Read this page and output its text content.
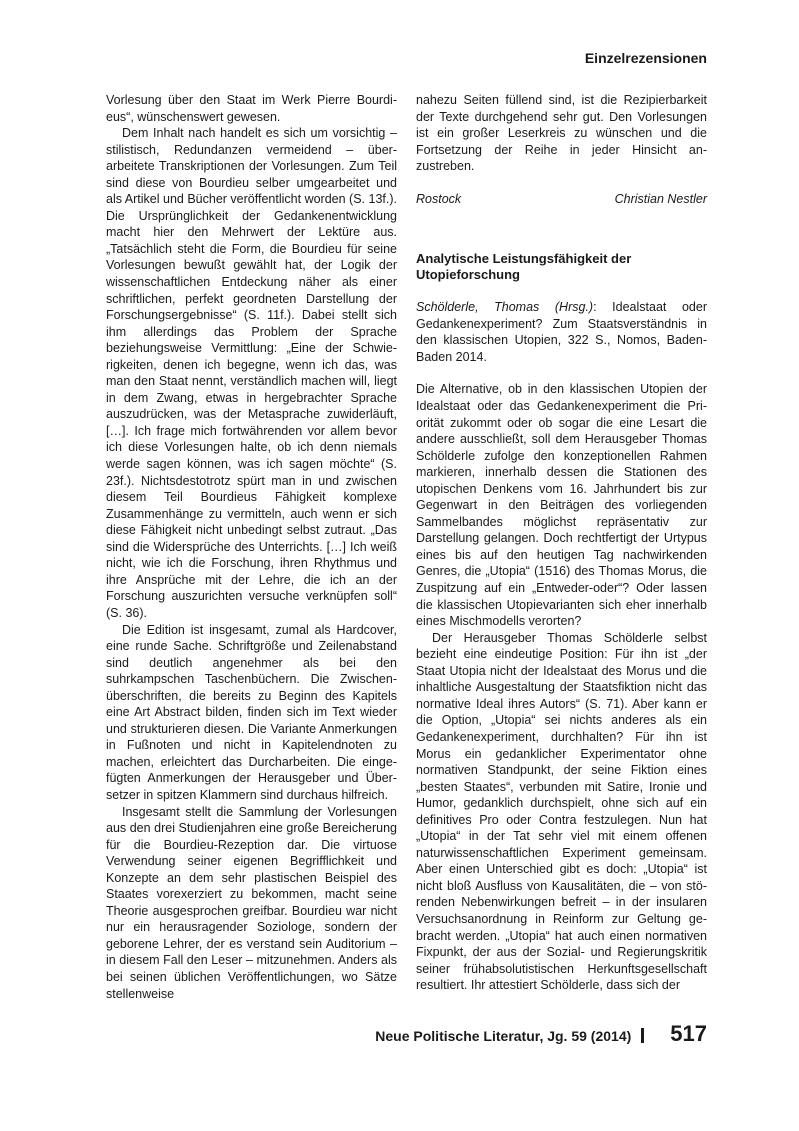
Einzelrezensionen

Vorlesung über den Staat im Werk Pierre Bourdieus“, wünschenswert gewesen.

Dem Inhalt nach handelt es sich um vorsichtig – stilistisch, Redundanzen vermeidend – überarbeitete Transkriptionen der Vorlesungen. Zum Teil sind diese von Bourdieu selber umgearbeitet und als Artikel und Bücher veröffentlicht worden (S. 13f.). Die Ursprünglichkeit der Gedankenentwicklung macht hier den Mehrwert der Lektüre aus. „Tatsächlich steht die Form, die Bourdieu für seine Vorlesungen bewußt gewählt hat, der Logik der wissenschaftlichen Entdeckung näher als einer schriftlichen, perfekt geordneten Darstellung der Forschungsergebnisse“ (S. 11f.). Dabei stellt sich ihm allerdings das Problem der Sprache beziehungsweise Vermittlung: „Eine der Schwierigkeiten, denen ich begegne, wenn ich das, was man den Staat nennt, verständlich machen will, liegt in dem Zwang, etwas in hergebrachter Sprache auszudrücken, was der Metasprache zuwiderläuft, […]. Ich frage mich fortwährenden vor allem bevor ich diese Vorlesungen halte, ob ich denn niemals werde sagen können, was ich sagen möchte“ (S. 23f.). Nichtsdestotrotz spürt man in und zwischen diesem Teil Bourdieus Fähigkeit komplexe Zusammenhänge zu vermitteln, auch wenn er sich diese Fähigkeit nicht unbedingt selbst zutraut. „Das sind die Widersprüche des Unterrichts. […] Ich weiß nicht, wie ich die Forschung, ihren Rhythmus und ihre Ansprüche mit der Lehre, die ich an der Forschung auszurichten versuche verknüpfen soll“ (S. 36).

Die Edition ist insgesamt, zumal als Hardcover, eine runde Sache. Schriftgröße und Zeilenabstand sind deutlich angenehmer als bei den suhrkampschen Taschenbüchern. Die Zwischenüberschriften, die bereits zu Beginn des Kapitels eine Art Abstract bilden, finden sich im Text wieder und strukturieren diesen. Die Variante Anmerkungen in Fußnoten und nicht in Kapitelendnoten zu machen, erleichtert das Durcharbeiten. Die eingefügten Anmerkungen der Herausgeber und Übersetzer in spitzen Klammern sind durchaus hilfreich.

Insgesamt stellt die Sammlung der Vorlesungen aus den drei Studienjahren eine große Bereicherung für die Bourdieu-Rezeption dar. Die virtuose Verwendung seiner eigenen Begrifflichkeit und Konzepte an dem sehr plastischen Beispiel des Staates vorexerziert zu bekommen, macht seine Theorie ausgesprochen greifbar. Bourdieu war nicht nur ein herausragender Soziologe, sondern der geborene Lehrer, der es verstand sein Auditorium – in diesem Fall den Leser – mitzunehmen. Anders als bei seinen üblichen Veröffentlichungen, wo Sätze stellenweise

nahezu Seiten füllend sind, ist die Rezipierbarkeit der Texte durchgehend sehr gut. Den Vorlesungen ist ein großer Leserkreis zu wünschen und die Fortsetzung der Reihe in jeder Hinsicht anzustreben.

Rostock	Christian Nestler
Analytische Leistungsfähigkeit der Utopieforschung

Schölderle, Thomas (Hrsg.): Idealstaat oder Gedankenexperiment? Zum Staatsverständnis in den klassischen Utopien, 322 S., Nomos, Baden-Baden 2014.

Die Alternative, ob in den klassischen Utopien der Idealstaat oder das Gedankenexperiment die Priorität zukommt oder ob sogar die eine Lesart die andere ausschließt, soll dem Herausgeber Thomas Schölderle zufolge den konzeptionellen Rahmen markieren, innerhalb dessen die Stationen des utopischen Denkens vom 16. Jahrhundert bis zur Gegenwart in den Beiträgen des vorliegenden Sammelbandes möglichst repräsentativ zur Darstellung gelangen. Doch rechtfertigt der Urtypus eines bis auf den heutigen Tag nachwirkenden Genres, die „Utopia“ (1516) des Thomas Morus, die Zuspitzung auf ein „Entweder-oder“? Oder lassen die klassischen Utopievarianten sich eher innerhalb eines Mischmodells verorten?

Der Herausgeber Thomas Schölderle selbst bezieht eine eindeutige Position: Für ihn ist „der Staat Utopia nicht der Idealstaat des Morus und die inhaltliche Ausgestaltung der Staatsfiktion nicht das normative Ideal ihres Autors“ (S. 71). Aber kann er die Option, „Utopia“ sei nichts anderes als ein Gedankenexperiment, durchhalten? Für ihn ist Morus ein gedanklicher Experimentator ohne normativen Standpunkt, der seine Fiktion eines „besten Staates“, verbunden mit Satire, Ironie und Humor, gedanklich durchspielt, ohne sich auf ein definitives Pro oder Contra festzulegen. Nun hat „Utopia“ in der Tat sehr viel mit einem offenen naturwissenschaftlichen Experiment gemeinsam. Aber einen Unterschied gibt es doch: „Utopia“ ist nicht bloß Ausfluss von Kausalitäten, die – von störenden Nebenwirkungen befreit – in der insularen Versuchsanordnung in Reinform zur Geltung gebracht werden. „Utopia“ hat auch einen normativen Fixpunkt, der aus der Sozial- und Regierungskritik seiner frühabsolutistischen Herkunftsgesellschaft resultiert. Ihr attestiert Schölderle, dass sich der

Neue Politische Literatur, Jg. 59 (2014) 517
